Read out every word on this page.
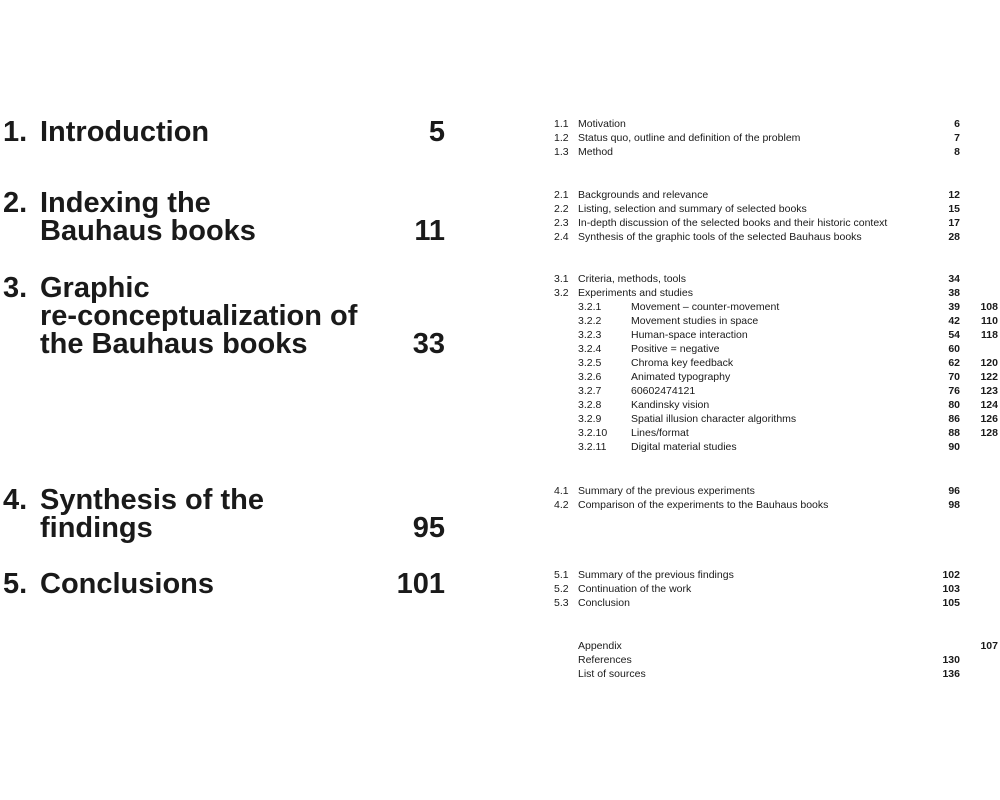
1. Introduction	5
2. Indexing the
Bauhaus books	11
3. Graphic
re-conceptualization of
the Bauhaus books	33
4. Synthesis of the
findings	95
5. Conclusions	101
1.1 Motivation	6
1.2 Status quo, outline and definition of the problem	7
1.3 Method	8
2.1 Backgrounds and relevance	12
2.2 Listing, selection and summary of selected books	15
2.3 In-depth discussion of the selected books and their historic context	17
2.4 Synthesis of the graphic tools of the selected Bauhaus books	28
3.1 Criteria, methods, tools	34
3.2 Experiments and studies	38
3.2.1	Movement – counter-movement	39	108
3.2.2	Movement studies in space	42	110
3.2.3	Human-space interaction	54	118
3.2.4	Positive = negative	60
3.2.5	Chroma key feedback	62	120
3.2.6	Animated typography	70	122
3.2.7	60602474121	76	123
3.2.8	Kandinsky vision	80	124
3.2.9	Spatial illusion character algorithms	86	126
3.2.10 Lines/format	88	128
3.2.11 Digital material studies	90
4.1 Summary of the previous experiments	96
4.2 Comparison of the experiments to the Bauhaus books	98
5.1 Summary of the previous findings	102
5.2 Continuation of the work	103
5.3 Conclusion	105
Appendix	107
References	130
List of sources	136
